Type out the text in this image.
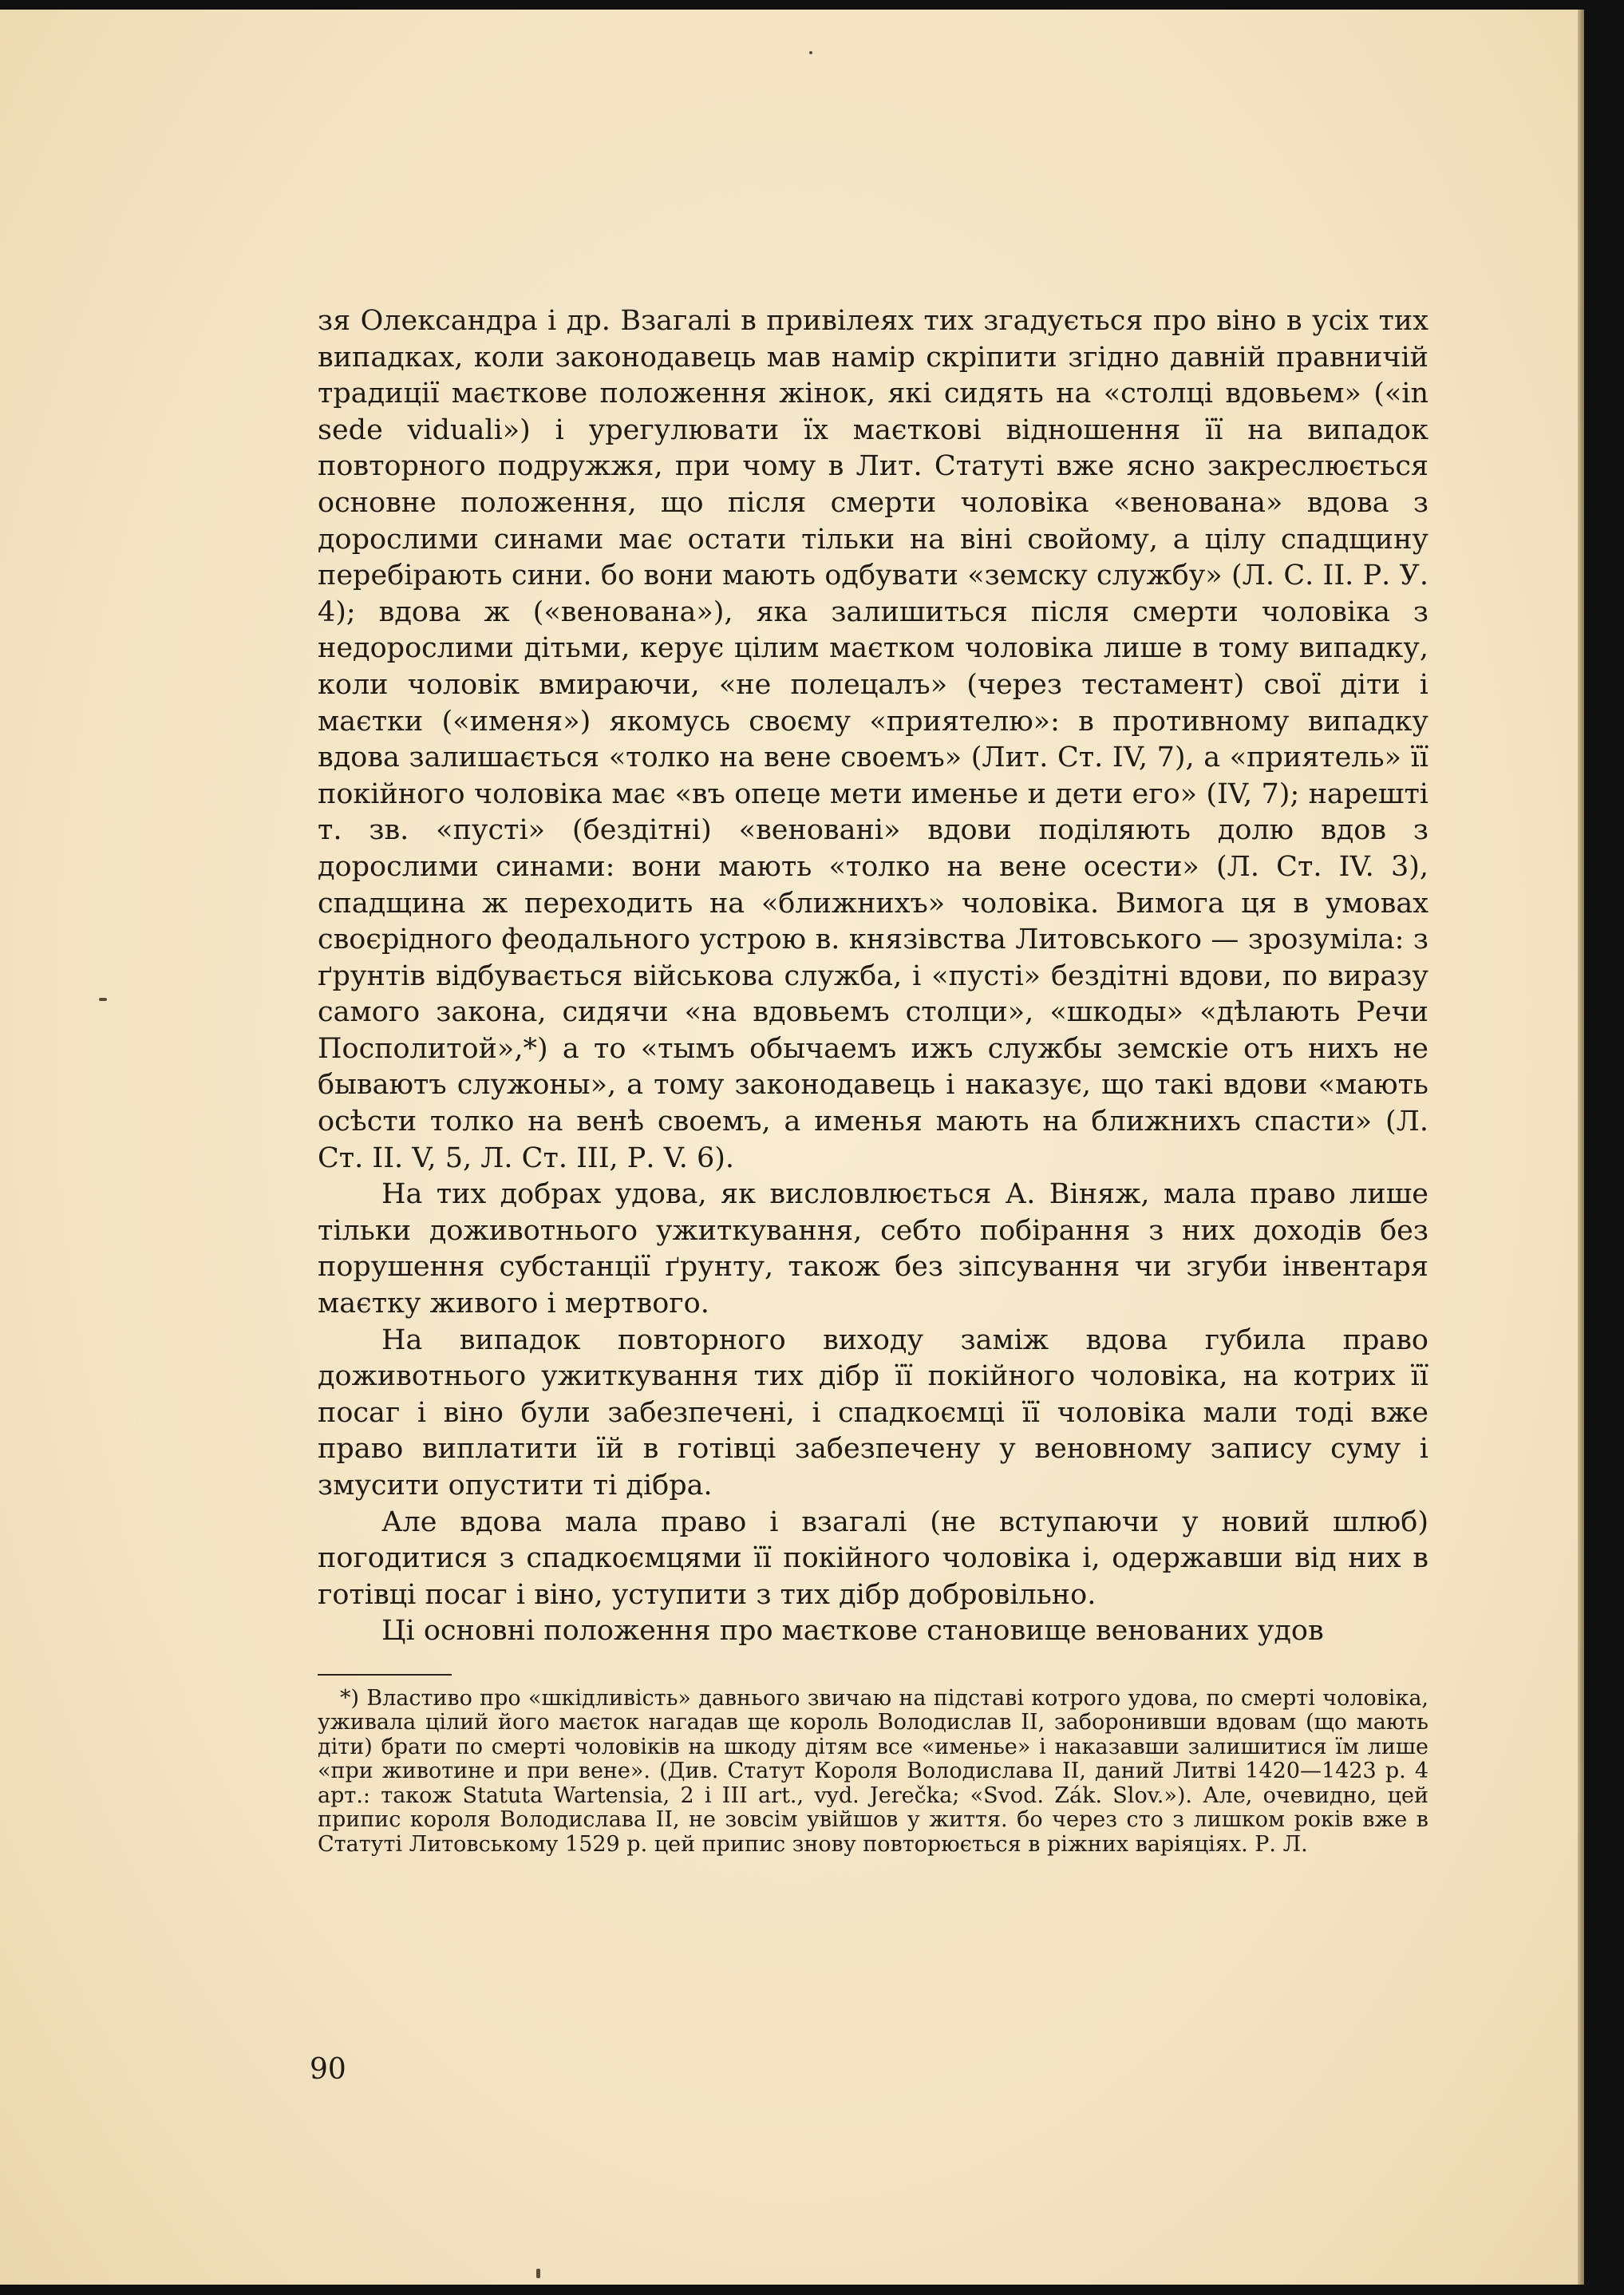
зя Олександра і др. Взагалі в привілеях тих згадується про віно в усіх тих випадках, коли законодавець мав намір скріпити згідно давній правничій традиції маєткове положення жінок, які сидять на «столці вдовьем» («in sede viduali») і урегулювати їх маєткові відношення її на випадок повторного подружжя, при чому в Лит. Статуті вже ясно закреслюється основне положення, що після смерти чоловіка «венована» вдова з дорослими синами має остати тільки на віні свойому, а цілу спадщину перебірають сини. бо вони мають одбувати «земску службу» (Л. С. II. Р. У. 4); вдова ж («венована»), яка залишиться після смерти чоловіка з недорослими дітьми, керує цілим маєтком чоловіка лише в тому випадку, коли чоловік вмираючи, «не полецалъ» (через тестамент) свої діти і маєтки («именя») якомусь своєму «приятелю»: в противному випадку вдова залишається «толко на вене своемъ» (Лит. Ст. IV, 7), а «приятель» її покійного чоловіка має «въ опеце мети именье и дети его» (IV, 7); нарешті т. зв. «пусті» (бездітні) «веновані» вдови поділяють долю вдов з дорослими синами: вони мають «толко на вене осести» (Л. Ст. IV. 3), спадщина ж переходить на «ближнихъ» чоловіка. Вимога ця в умовах своєрідного феодального устрою в. князівства Литовського — зрозуміла: з ґрунтів відбувається військова служба, і «пусті» бездітні вдови, по виразу самого закона, сидячи «на вдовьемъ столци», «шкоды» «дѣлають Речи Посполитой»,*) а то «тымъ обычаемъ ижъ службы земскіе отъ нихъ не бываютъ служоны», а тому законодавець і наказує, що такі вдови «мають осѣсти толко на венѣ своемъ, а именья мають на ближнихъ спасти» (Л. Ст. II. V, 5, Л. Ст. III, Р. V. 6).

На тих добрах удова, як висловлюється А. Віняж, мала право лише тільки доживотнього ужиткування, себто побірання з них доходів без порушення субстанції ґрунту, також без зіпсування чи згуби інвентаря маєтку живого і мертвого.

На випадок повторного виходу заміж вдова губила право доживотнього ужиткування тих дібр її покійного чоловіка, на котрих її посаг і віно були забезпечені, і спадкоємці її чоловіка мали тоді вже право виплатити їй в готівці забезпечену у веновному запису суму і змусити опустити ті дібра.

Але вдова мала право і взагалі (не вступаючи у новий шлюб) погодитися з спадкоємцями її покійного чоловіка і, одержавши від них в готівці посаг і віно, уступити з тих дібр добровільно.

Ці основні положення про маєткове становище венованих удов

*) Властиво про «шкідливість» давнього звичаю на підставі котрого удова, по смерті чоловіка, уживала цілий його маєток нагадав ще король Володислав II, заборонивши вдовам (що мають діти) брати по смерті чоловіків на шкоду дітям все «именье» і наказавши залишитися їм лише «при животине и при вене». (Див. Статут Короля Володислава II, даний Литві 1420—1423 р. 4 арт.: також Statuta Wartensia, 2 і III art., vyd. Jerečka; «Svod. Zák. Slov.»). Але, очевидно, цей припис короля Володислава II, не зовсім увійшов у життя. бо через сто з лишком років вже в Статуті Литовському 1529 р. цей припис знову повторюється в ріжних варіяціях. Р. Л.

90
